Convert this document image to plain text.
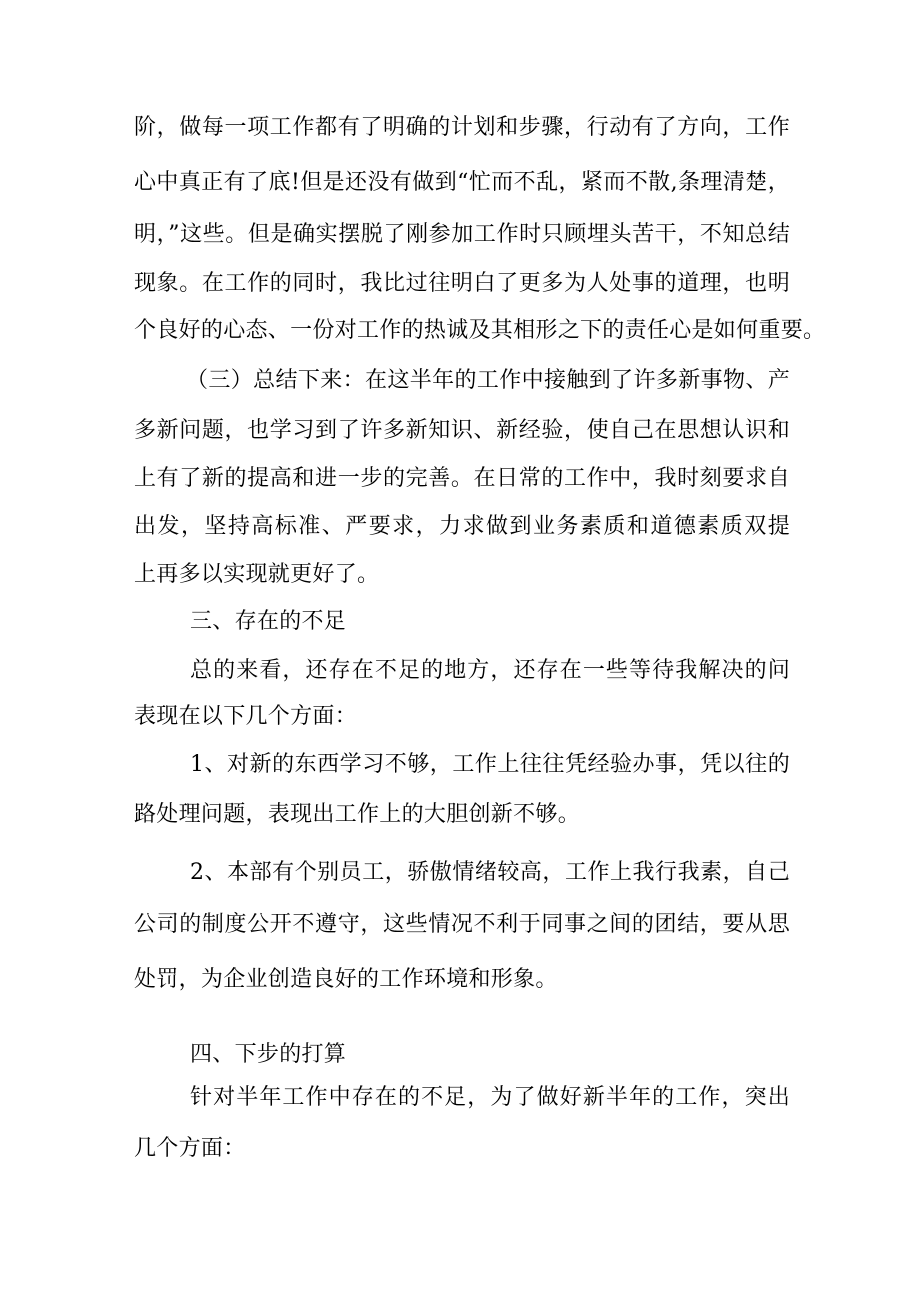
阶，做每一项工作都有了明确的计划和步骤，行动有了方向，工作
心中真正有了底!但是还没有做到“忙而不乱，紧而不散,条理清楚，
明，”这些。但是确实摆脱了刚参加工作时只顾埋头苦干，不知总结
现象。在工作的同时，我比过往明白了更多为人处事的道理，也明
个良好的心态、一份对工作的热诚及其相形之下的责任心是如何重要。
（三）总结下来：在这半年的工作中接触到了许多新事物、产
多新问题，也学习到了许多新知识、新经验，使自己在思想认识和
上有了新的提高和进一步的完善。在日常的工作中，我时刻要求自
出发，坚持高标准、严要求，力求做到业务素质和道德素质双提
上再多以实现就更好了。
三、存在的不足
总的来看，还存在不足的地方，还存在一些等待我解决的问
表现在以下几个方面：
1、对新的东西学习不够，工作上往往凭经验办事，凭以往的
路处理问题，表现出工作上的大胆创新不够。
2、本部有个别员工，骄傲情绪较高，工作上我行我素，自己
公司的制度公开不遵守，这些情况不利于同事之间的团结，要从思
处罚，为企业创造良好的工作环境和形象。
四、下步的打算
针对半年工作中存在的不足，为了做好新半年的工作，突出
几个方面：
